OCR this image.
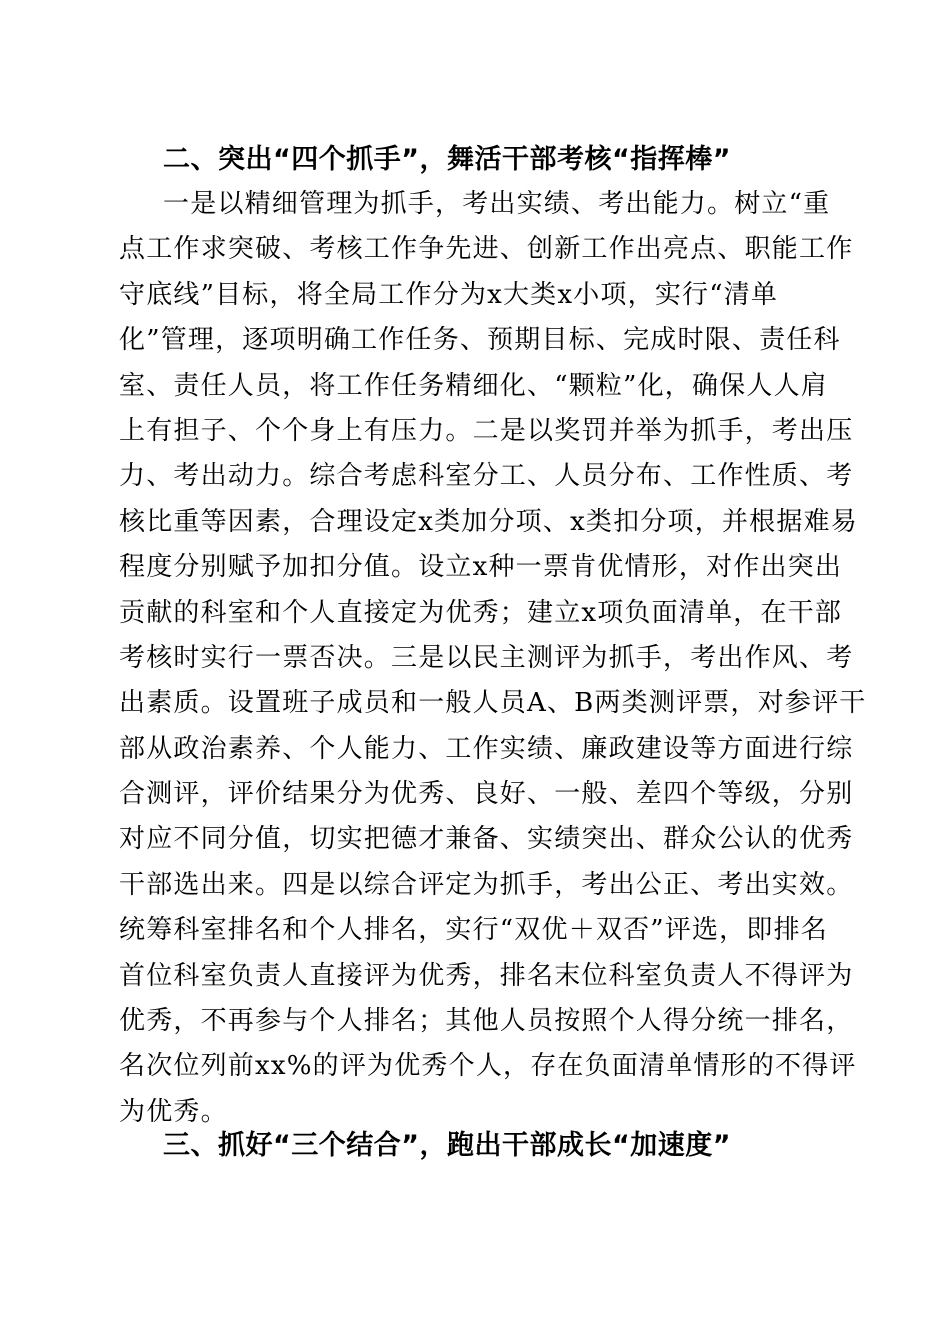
二、突出“四个抓手”，舞活干部考核“指挥棒”
一是以精细管理为抓手，考出实绩、考出能力。树立“重
点工作求突破、考核工作争先进、创新工作出亮点、职能工作
守底线”目标，将全局工作分为x大类x小项，实行“清单
化”管理，逐项明确工作任务、预期目标、完成时限、责任科
室、责任人员，将工作任务精细化、“颗粒”化，确保人人肩
上有担子、个个身上有压力。二是以奖罚并举为抓手，考出压
力、考出动力。综合考虑科室分工、人员分布、工作性质、考
核比重等因素，合理设定x类加分项、x类扣分项，并根据难易
程度分别赋予加扣分值。设立x种一票肯优情形，对作出突出
贡献的科室和个人直接定为优秀；建立x项负面清单，在干部
考核时实行一票否决。三是以民主测评为抓手，考出作风、考
出素质。设置班子成员和一般人员A、B两类测评票，对参评干
部从政治素养、个人能力、工作实绩、廉政建设等方面进行综
合测评，评价结果分为优秀、良好、一般、差四个等级，分别
对应不同分值，切实把德才兼备、实绩突出、群众公认的优秀
干部选出来。四是以综合评定为抓手，考出公正、考出实效。
统筹科室排名和个人排名，实行“双优＋双否”评选，即排名
首位科室负责人直接评为优秀，排名末位科室负责人不得评为
优秀，不再参与个人排名；其他人员按照个人得分统一排名，
名次位列前xx%的评为优秀个人，存在负面清单情形的不得评
为优秀。
三、抓好“三个结合”，跑出干部成长“加速度”
